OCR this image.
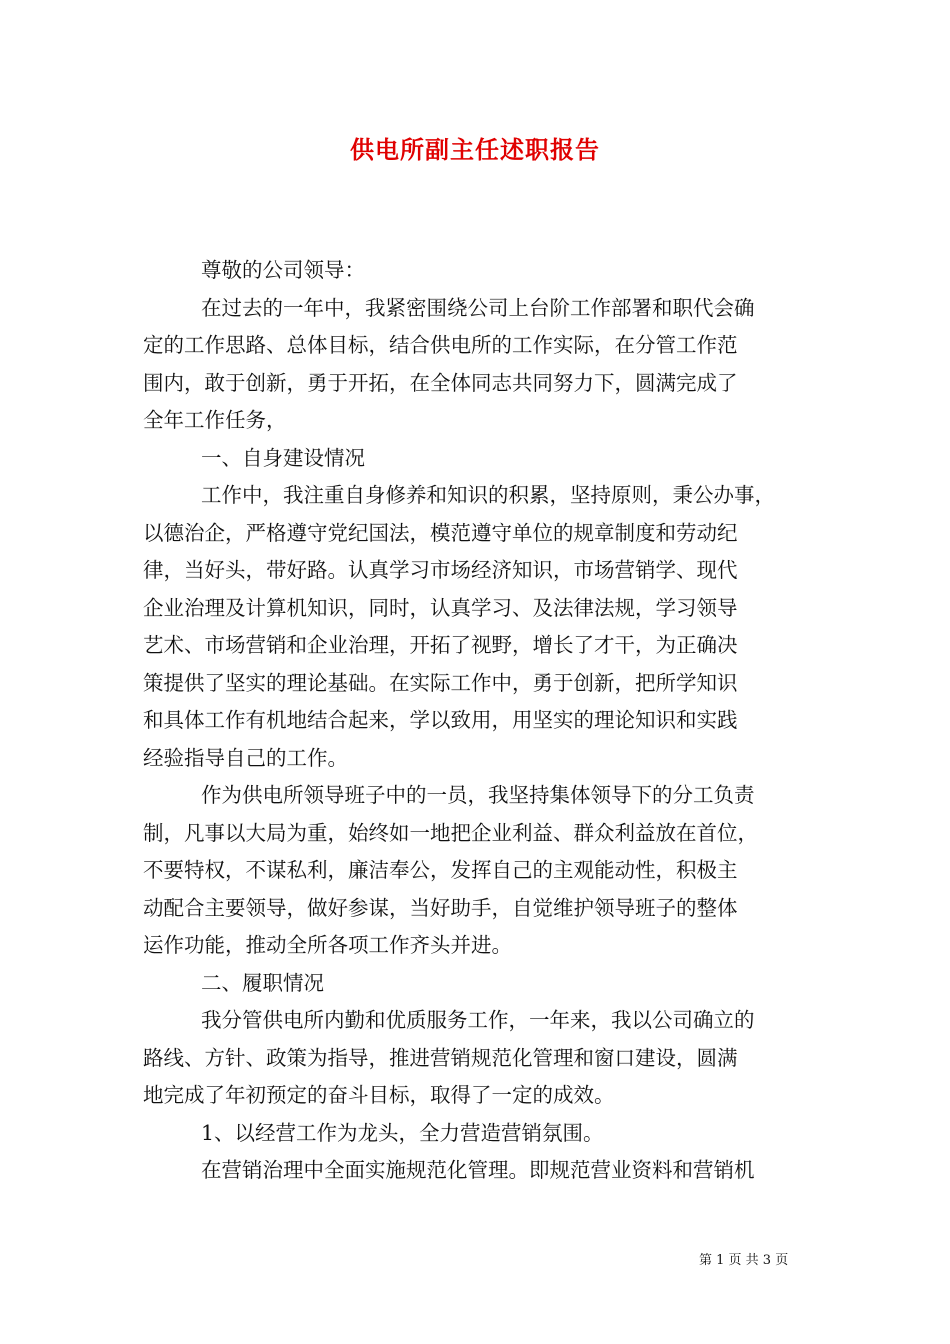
供电所副主任述职报告
尊敬的公司领导：
在过去的一年中，我紧密围绕公司上台阶工作部署和职代会确
定的工作思路、总体目标，结合供电所的工作实际，在分管工作范
围内，敢于创新，勇于开拓，在全体同志共同努力下，圆满完成了
全年工作任务，
一、自身建设情况
工作中，我注重自身修养和知识的积累，坚持原则，秉公办事，
以德治企，严格遵守党纪国法，模范遵守单位的规章制度和劳动纪
律，当好头，带好路。认真学习市场经济知识，市场营销学、现代
企业治理及计算机知识，同时，认真学习、及法律法规，学习领导
艺术、市场营销和企业治理，开拓了视野，增长了才干，为正确决
策提供了坚实的理论基础。在实际工作中，勇于创新，把所学知识
和具体工作有机地结合起来，学以致用，用坚实的理论知识和实践
经验指导自己的工作。
作为供电所领导班子中的一员，我坚持集体领导下的分工负责
制，凡事以大局为重，始终如一地把企业利益、群众利益放在首位，
不要特权，不谋私利，廉洁奉公，发挥自己的主观能动性，积极主
动配合主要领导，做好参谋，当好助手，自觉维护领导班子的整体
运作功能，推动全所各项工作齐头并进。
二、履职情况
我分管供电所内勤和优质服务工作，一年来，我以公司确立的
路线、方针、政策为指导，推进营销规范化管理和窗口建设，圆满
地完成了年初预定的奋斗目标，取得了一定的成效。
1、以经营工作为龙头，全力营造营销氛围。
在营销治理中全面实施规范化管理。即规范营业资料和营销机
第 1 页 共 3 页
